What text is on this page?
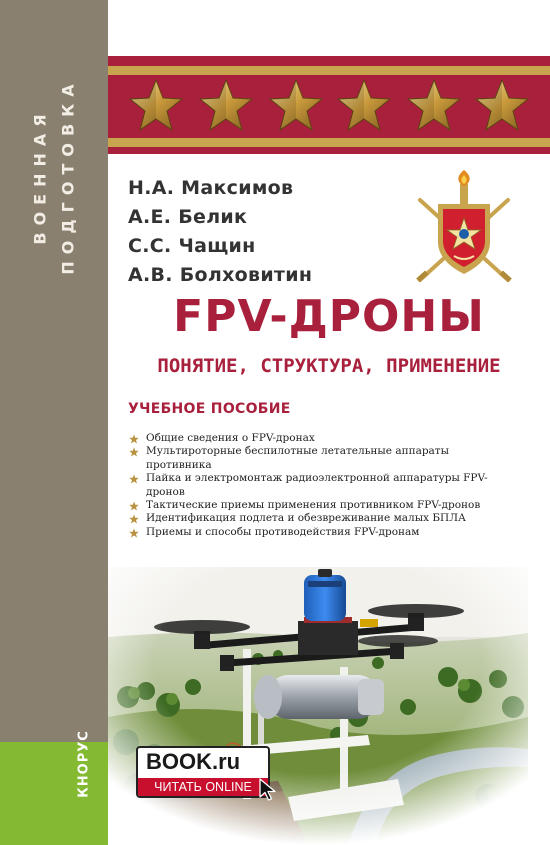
ВОЕННАЯ ПОДГОТОВКА
КНОРУС
Н.А. Максимов
А.Е. Белик
С.С. Чащин
А.В. Болховитин
FPV-ДРОНЫ
ПОНЯТИЕ, СТРУКТУРА, ПРИМЕНЕНИЕ
УЧЕБНОЕ ПОСОБИЕ
Общие сведения о FPV-дронах
Мультироторные беспилотные летательные аппараты противника
Пайка и электромонтаж радиоэлектронной аппаратуры FPV-дронов
Тактические приемы применения противником FPV-дронов
Идентификация подлета и обезвреживание малых БПЛА
Приемы и способы противодействия FPV-дронам
BOOK.ru
ЧИТАТЬ ONLINE
